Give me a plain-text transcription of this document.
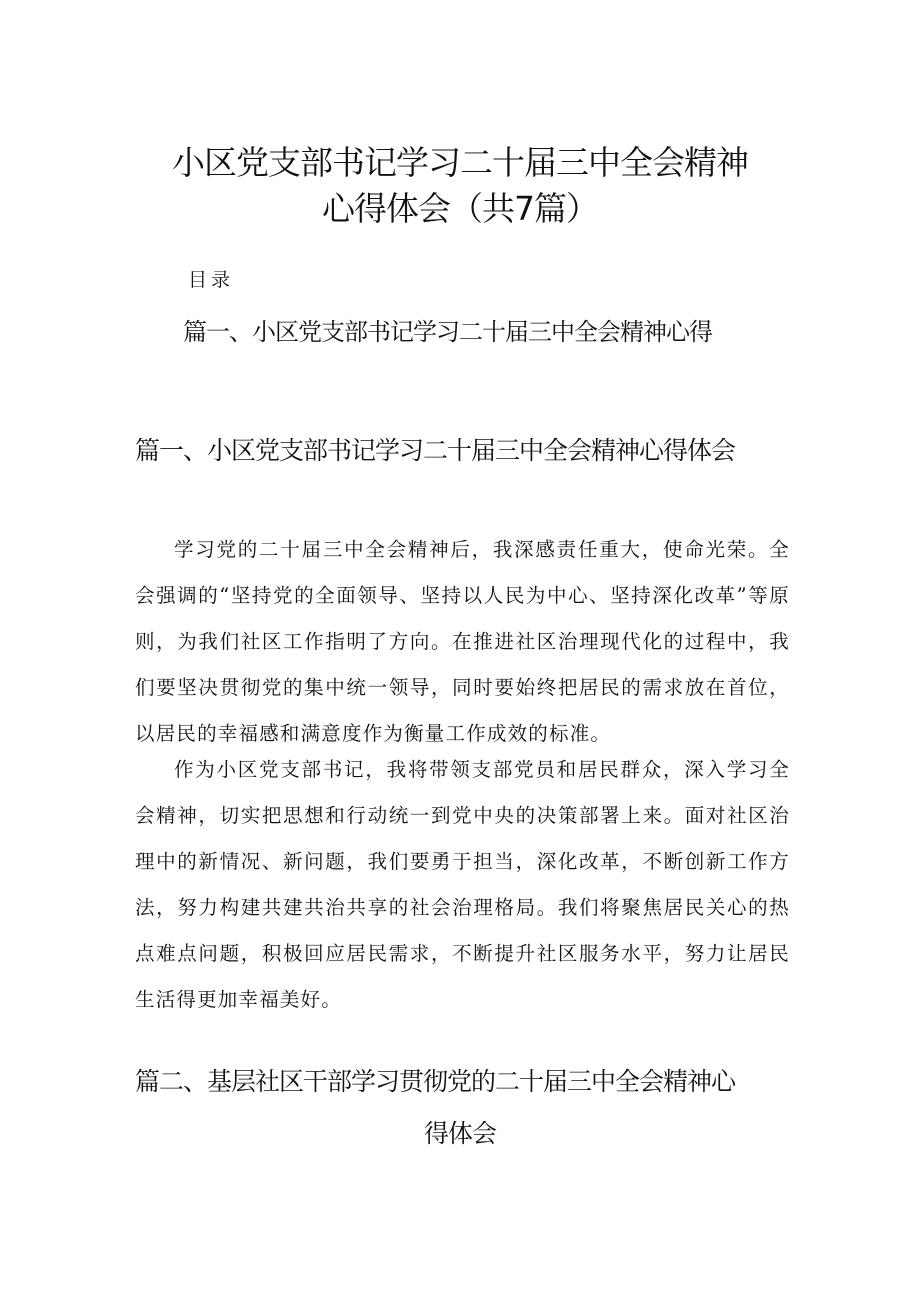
小区党支部书记学习二十届三中全会精神
心得体会（共7篇）

目录

篇一、小区党支部书记学习二十届三中全会精神心得

篇一、小区党支部书记学习二十届三中全会精神心得体会

学习党的二十届三中全会精神后，我深感责任重大，使命光荣。全会强调的“坚持党的全面领导、坚持以人民为中心、坚持深化改革”等原则，为我们社区工作指明了方向。在推进社区治理现代化的过程中，我们要坚决贯彻党的集中统一领导，同时要始终把居民的需求放在首位，以居民的幸福感和满意度作为衡量工作成效的标准。

作为小区党支部书记，我将带领支部党员和居民群众，深入学习全会精神，切实把思想和行动统一到党中央的决策部署上来。面对社区治理中的新情况、新问题，我们要勇于担当，深化改革，不断创新工作方法，努力构建共建共治共享的社会治理格局。我们将聚焦居民关心的热点难点问题，积极回应居民需求，不断提升社区服务水平，努力让居民生活得更加幸福美好。

篇二、基层社区干部学习贯彻党的二十届三中全会精神心
得体会
